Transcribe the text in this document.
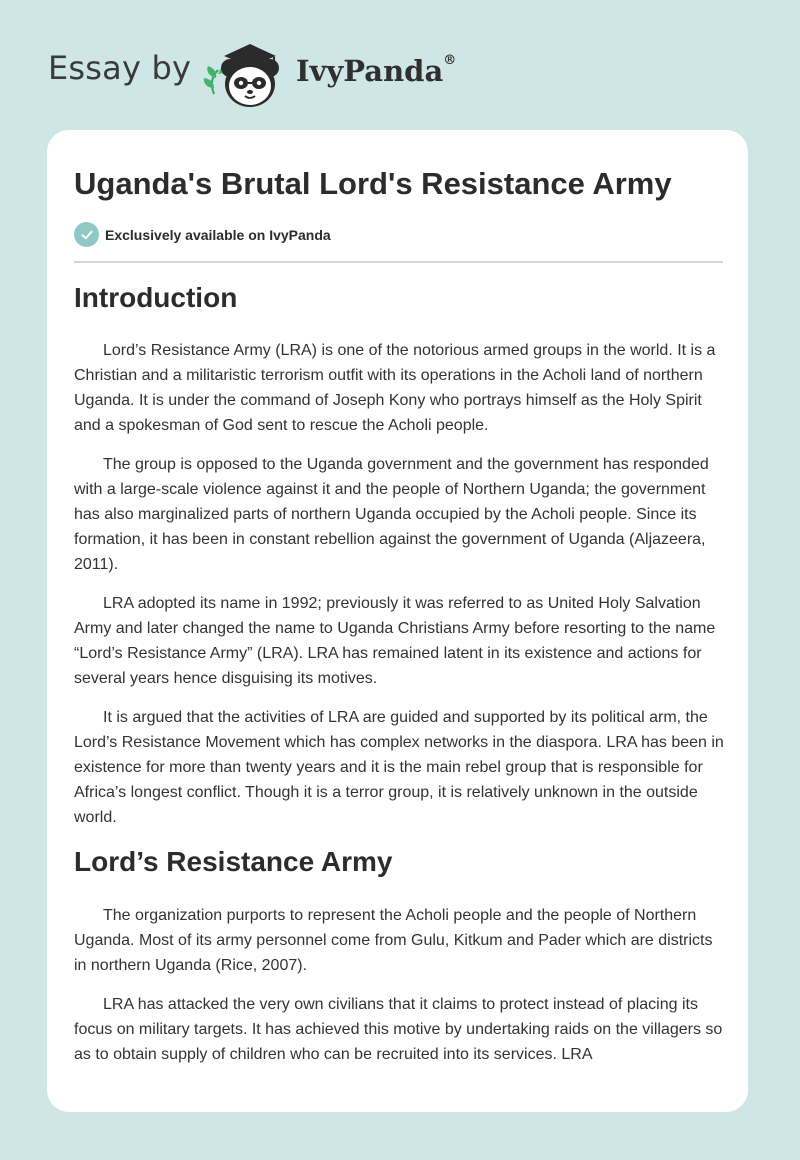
Essay by	IvyPanda®
Uganda's Brutal Lord's Resistance Army
Exclusively available on IvyPanda
Introduction

Lord’s Resistance Army (LRA) is one of the notorious armed groups in the world. It is a Christian and a militaristic terrorism outfit with its operations in the Acholi land of northern Uganda. It is under the command of Joseph Kony who portrays himself as the Holy Spirit and a spokesman of God sent to rescue the Acholi people.

The group is opposed to the Uganda government and the government has responded with a large-scale violence against it and the people of Northern Uganda; the government has also marginalized parts of northern Uganda occupied by the Acholi people. Since its formation, it has been in constant rebellion against the government of Uganda (Aljazeera, 2011).

LRA adopted its name in 1992; previously it was referred to as United Holy Salvation Army and later changed the name to Uganda Christians Army before resorting to the name “Lord’s Resistance Army” (LRA). LRA has remained latent in its existence and actions for several years hence disguising its motives.

It is argued that the activities of LRA are guided and supported by its political arm, the Lord’s Resistance Movement which has complex networks in the diaspora. LRA has been in existence for more than twenty years and it is the main rebel group that is responsible for Africa’s longest conflict. Though it is a terror group, it is relatively unknown in the outside world.

Lord’s Resistance Army

The organization purports to represent the Acholi people and the people of Northern Uganda. Most of its army personnel come from Gulu, Kitkum and Pader which are districts in northern Uganda (Rice, 2007).

LRA has attacked the very own civilians that it claims to protect instead of placing its focus on military targets. It has achieved this motive by undertaking raids on the villagers so as to obtain supply of children who can be recruited into its services. LRA
